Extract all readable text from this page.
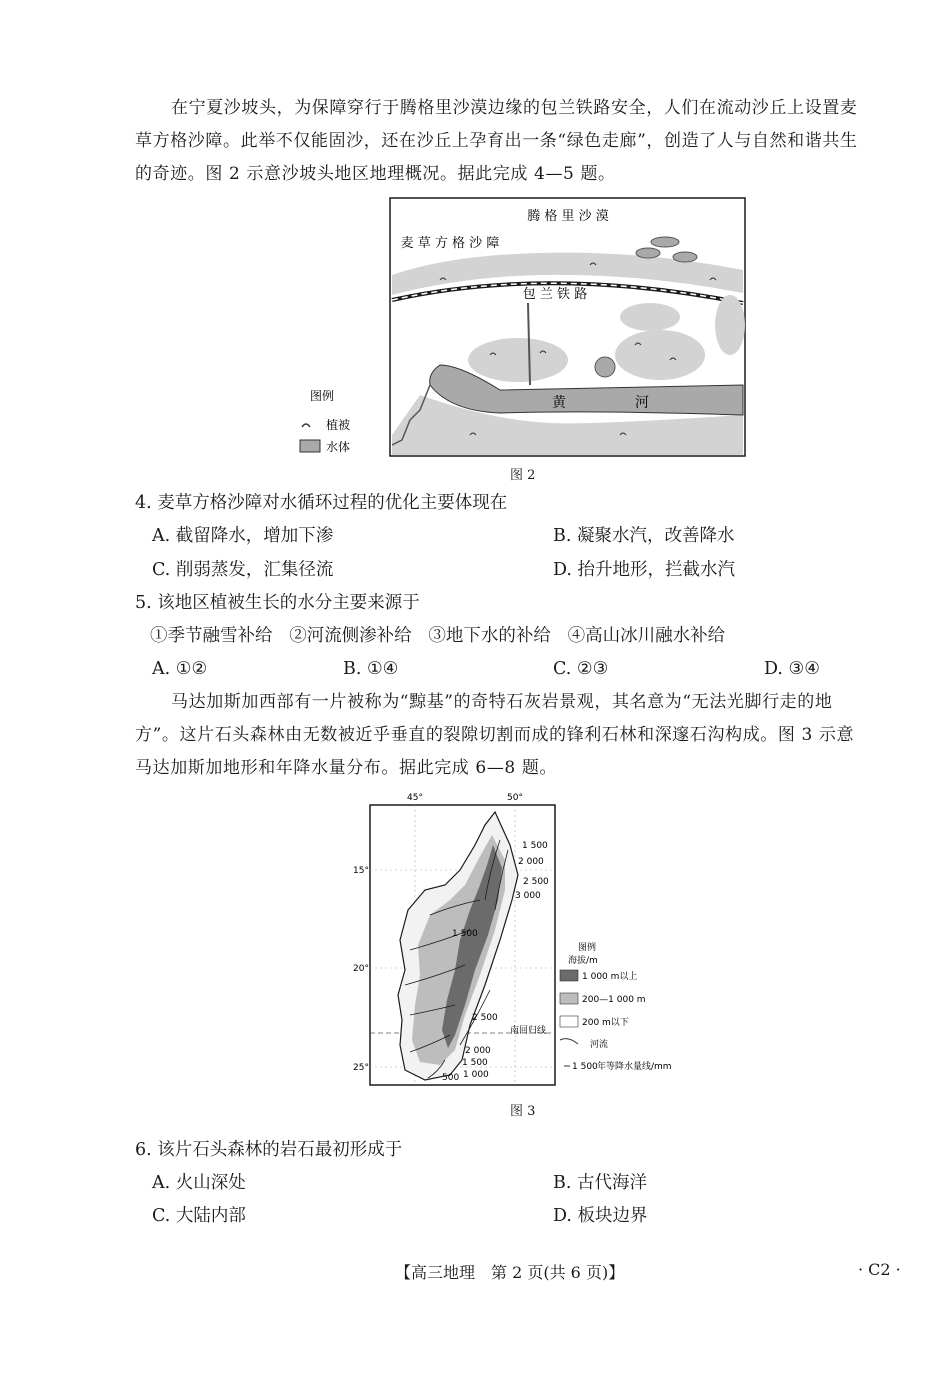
在宁夏沙坡头，为保障穿行于腾格里沙漠边缘的包兰铁路安全，人们在流动沙丘上设置麦
草方格沙障。此举不仅能固沙，还在沙丘上孕育出一条“绿色走廊”，创造了人与自然和谐共生
的奇迹。图 2 示意沙坡头地区地理概况。据此完成 4—5 题。
腾 格 里 沙 漠
麦 草 方 格 沙 障
包 兰 铁 路
黄	河
图例
植被
水体
图 2
4. 麦草方格沙障对水循环过程的优化主要体现在
A. 截留降水，增加下渗	B. 凝聚水汽，改善降水
C. 削弱蒸发，汇集径流	D. 抬升地形，拦截水汽
5. 该地区植被生长的水分主要来源于
①季节融雪补给   ②河流侧渗补给   ③地下水的补给   ④高山冰川融水补给
A. ①②	B. ①④	C. ②③	D. ③④
马达加斯加西部有一片被称为“黥基”的奇特石灰岩景观，其名意为“无法光脚行走的地
方”。这片石头森林由无数被近乎垂直的裂隙切割而成的锋利石林和深邃石沟构成。图 3 示意
马达加斯加地形和年降水量分布。据此完成 6—8 题。
45°	50°
15°
20°
25°
1 500
2 000
2 500
3 000
1 500
2 500
2 000
1 500
1 000
500
南回归线
图例
海拔/m
1 000 m以上
200—1 000 m
200 m以下
河流
1 500 年等降水量线/mm
图 3
6. 该片石头森林的岩石最初形成于
A. 火山深处	B. 古代海洋
C. 大陆内部	D. 板块边界
【高三地理　第 2 页(共 6 页)】	· C2 ·
